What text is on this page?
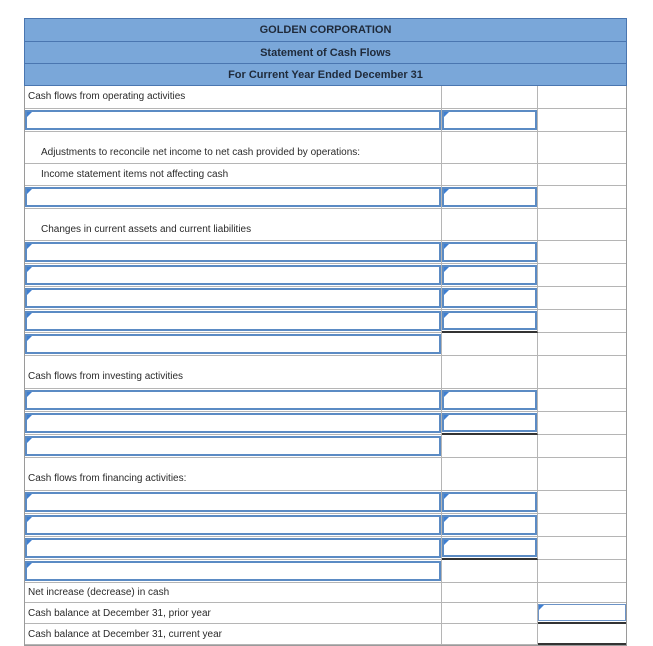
GOLDEN CORPORATION
Statement of Cash Flows
For Current Year Ended December 31
Cash flows from operating activities
Adjustments to reconcile net income to net cash provided by operations:
Income statement items not affecting cash
Changes in current assets and current liabilities
Cash flows from investing activities
Cash flows from financing activities:
Net increase (decrease) in cash
Cash balance at December 31, prior year
Cash balance at December 31, current year
